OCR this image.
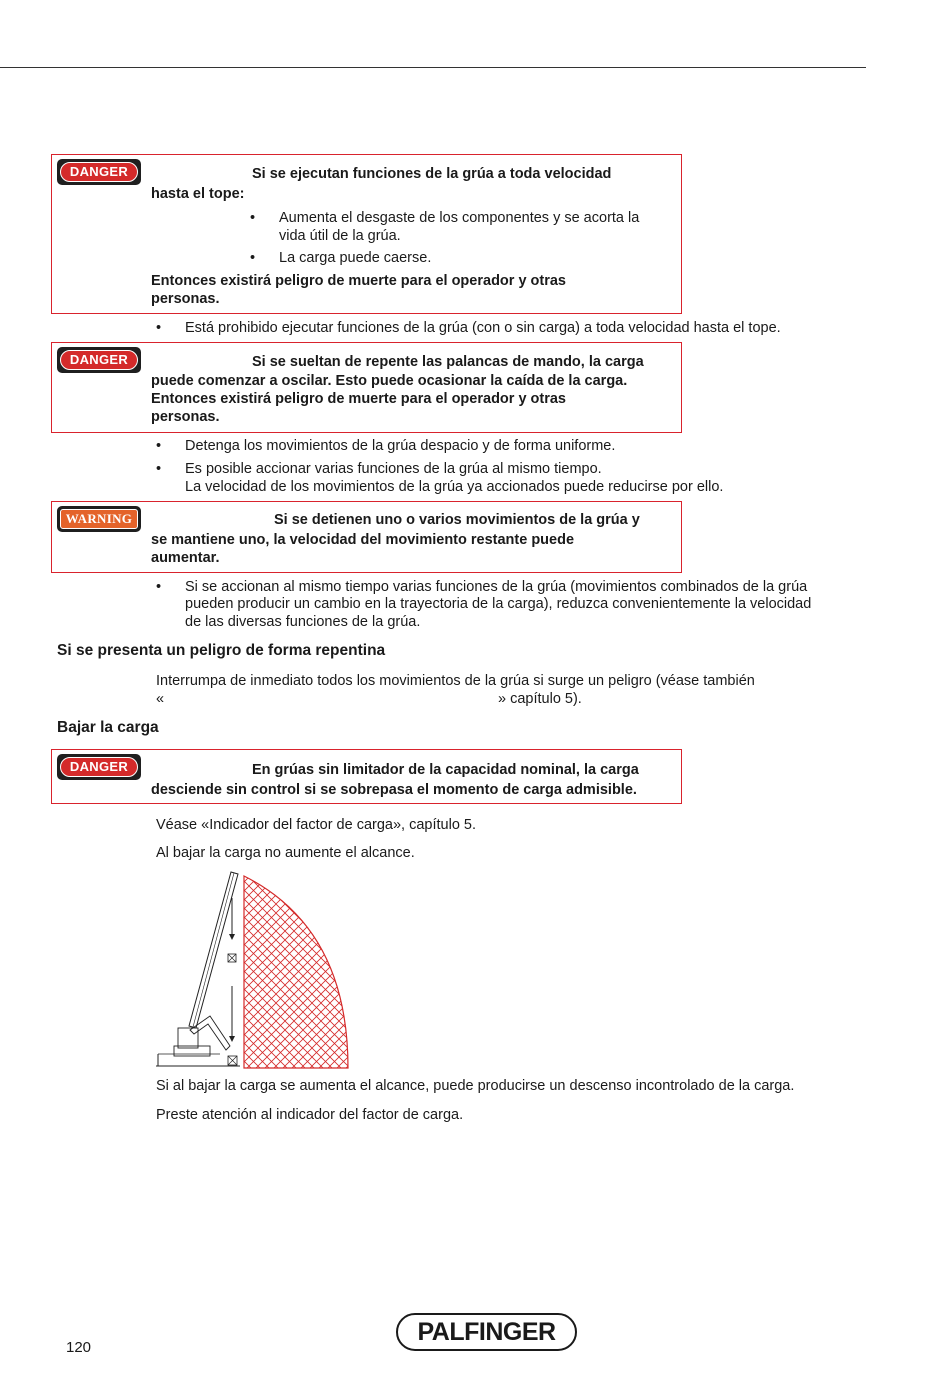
DANGER	Si se ejecutan funciones de la grúa a toda velocidad
hasta el tope:
• Aumenta el desgaste de los componentes y se acorta la
vida útil de la grúa.
• La carga puede caerse.
Entonces existirá peligro de muerte para el operador y otras
personas.
• Está prohibido ejecutar funciones de la grúa (con o sin carga) a toda velocidad hasta el tope.
DANGER	Si se sueltan de repente las palancas de mando, la carga
puede comenzar a oscilar. Esto puede ocasionar la caída de la carga.
Entonces existirá peligro de muerte para el operador y otras
personas.
• Detenga los movimientos de la grúa despacio y de forma uniforme.
• Es posible accionar varias funciones de la grúa al mismo tiempo.
La velocidad de los movimientos de la grúa ya accionados puede reducirse por ello.
WARNING	Si se detienen uno o varios movimientos de la grúa y
se mantiene uno, la velocidad del movimiento restante puede
aumentar.
• Si se accionan al mismo tiempo varias funciones de la grúa (movimientos combinados de la grúa
pueden producir un cambio en la trayectoria de la carga), reduzca convenientemente la velocidad
de las diversas funciones de la grúa.
Si se presenta un peligro de forma repentina
Interrumpa de inmediato todos los movimientos de la grúa si surge un peligro (véase también
«	» capítulo 5).
Bajar la carga
DANGER	En grúas sin limitador de la capacidad nominal, la carga
desciende sin control si se sobrepasa el momento de carga admisible.
Véase «Indicador del factor de carga», capítulo 5.
Al bajar la carga no aumente el alcance.
Si al bajar la carga se aumenta el alcance, puede producirse un descenso incontrolado de la carga.
Preste atención al indicador del factor de carga.
120
PALFINGER
